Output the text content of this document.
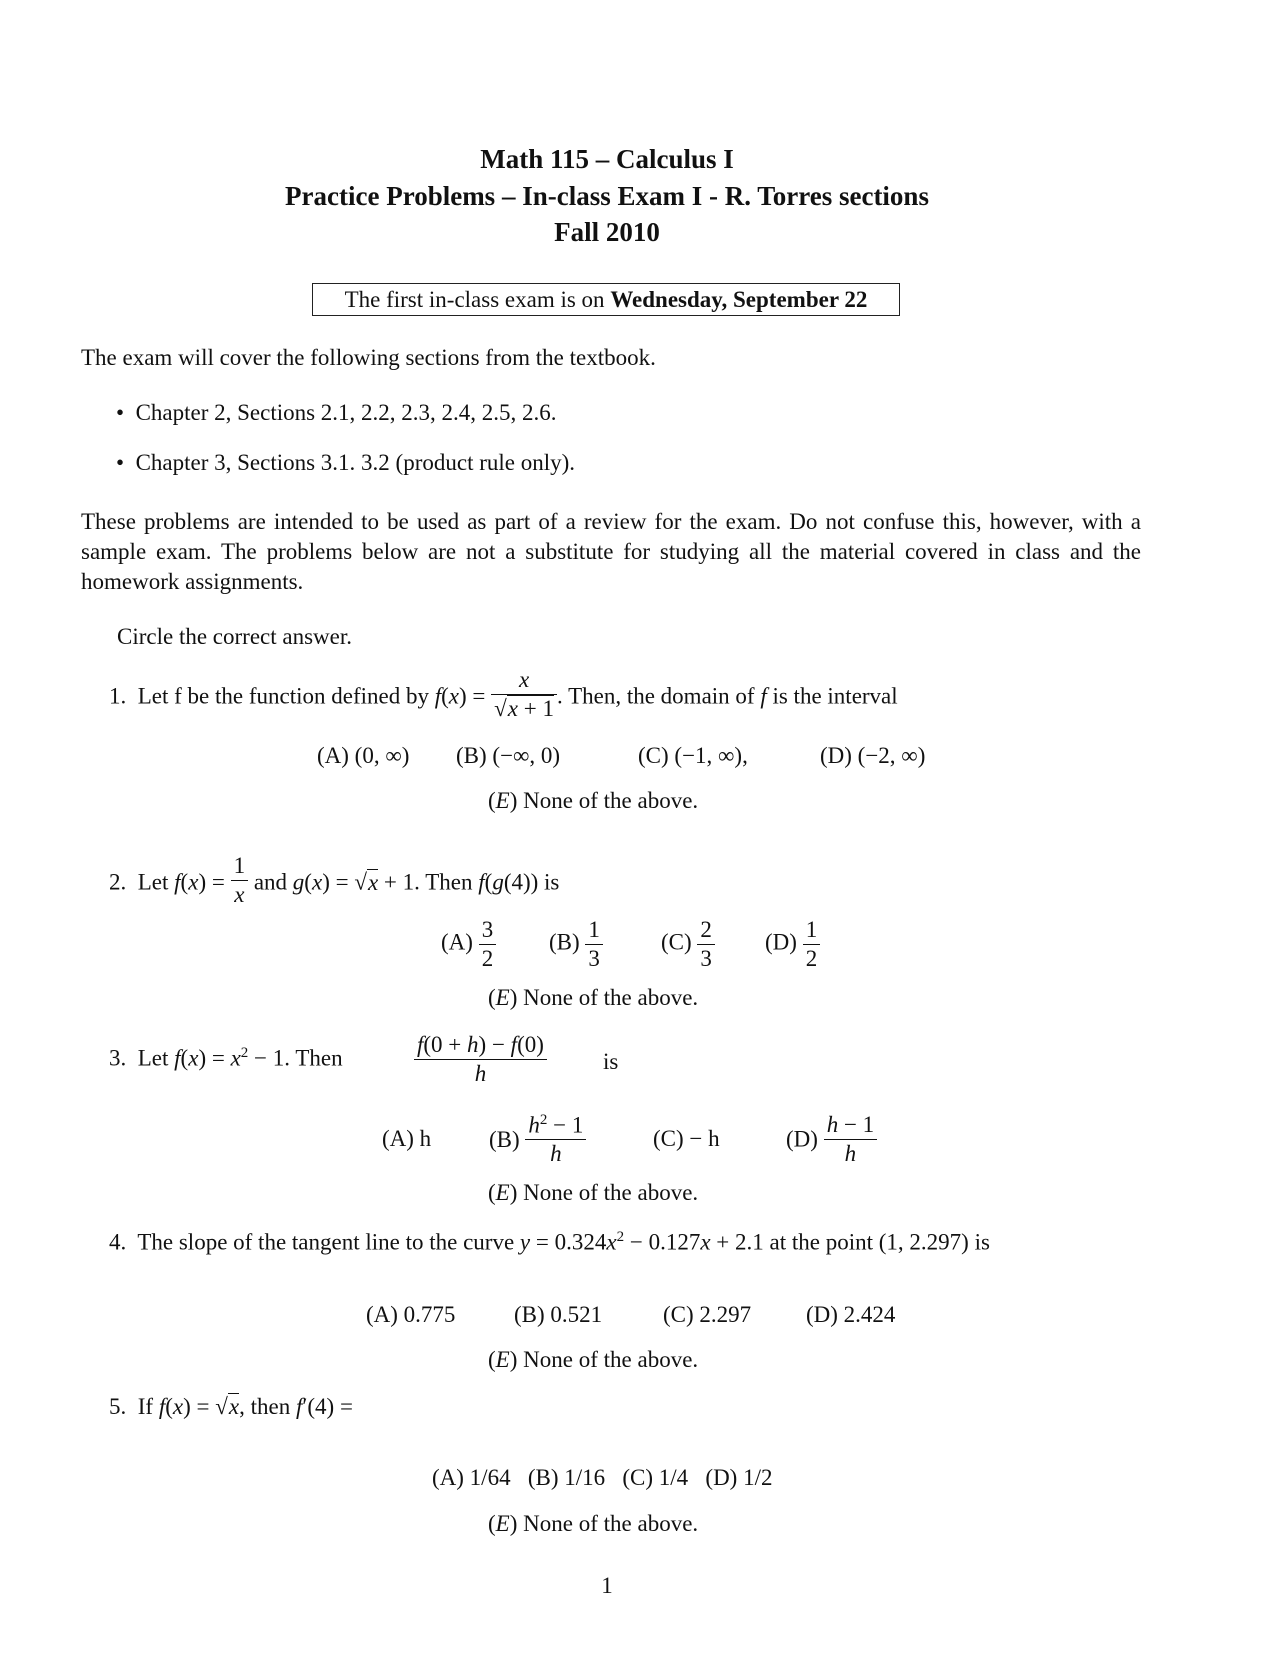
Math 115 – Calculus I
Practice Problems – In-class Exam I - R. Torres sections
Fall 2010
The first in-class exam is on Wednesday, September 22
The exam will cover the following sections from the textbook.
• Chapter 2, Sections 2.1, 2.2, 2.3, 2.4, 2.5, 2.6.
• Chapter 3, Sections 3.1. 3.2 (product rule only).
These problems are intended to be used as part of a review for the exam. Do not confuse this, however, with a sample exam. The problems below are not a substitute for studying all the material covered in class and the homework assignments.
Circle the correct answer.
1. Let f be the function defined by $f(x) = \frac{x}{√x + 1}$ . Then, the domain of f is the interval
(A) (0, ∞) (B) (−∞, 0)	(C) (−1, ∞),	(D) (−2, ∞)
(E) None of the above.
2. Let $f(x) = \frac{1}{x}$ and g(x) = √x + 1. Then f(g(4)) is
$(A) \frac{3}{2} (B) \frac{1}{3}$	$(C) \frac{2}{3} (D) \frac{1}{2}$
(E) None of the above.
3. Let $f(x) = x^2 - 1$. Then	$\frac{f(0 + h) - f(0)}{h}$ is
(A) h	$(B) \frac{h^2 - 1}{h}$	(C) − h	$(D) \frac{h - 1}{h}$
(E) None of the above.
4. The slope of the tangent line to the curve $y = 0.324x^2 - 0.127x + 2.1$ at the point (1, 2.297) is
(A) 0.775	(B) 0.521	(C) 2.297 (D) 2.424
(E) None of the above.
5. If f(x) = √x, then f′(4) =
(A) 1/64   (B) 1/16   (C) 1/4   (D) 1/2
(E) None of the above.
1
